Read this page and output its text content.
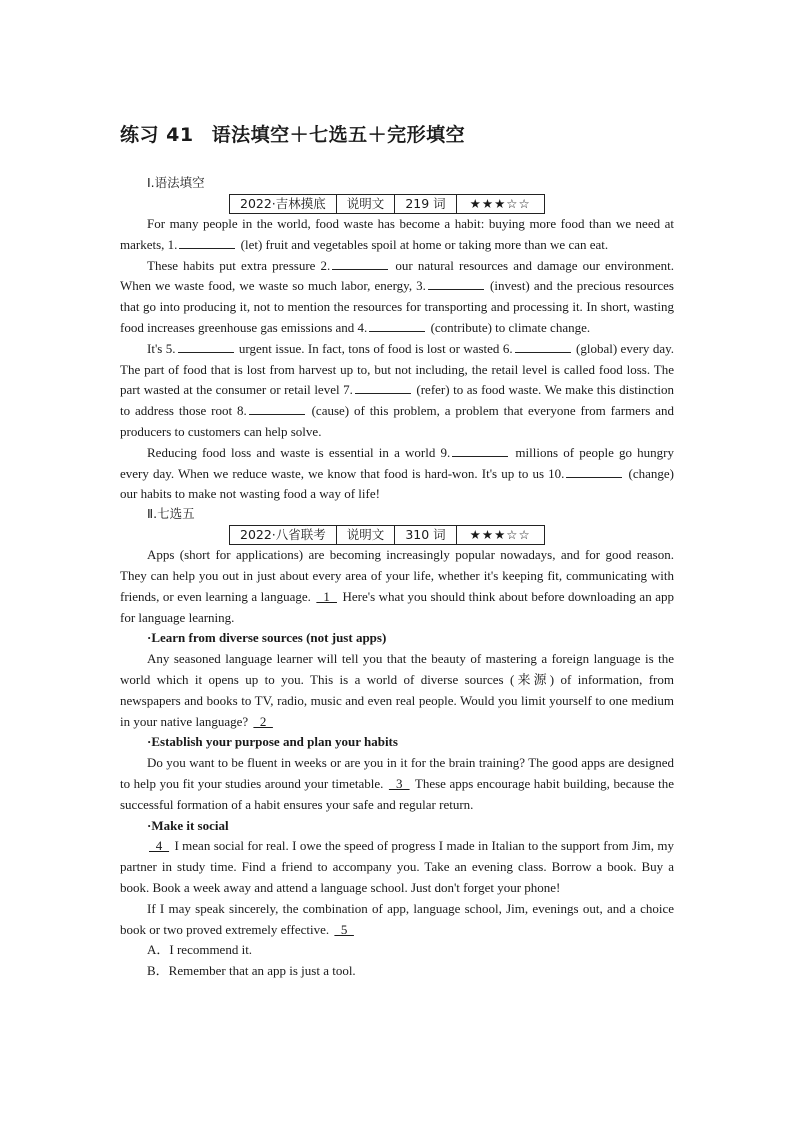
练习 41 语法填空＋七选五＋完形填空
Ⅰ.语法填空
2022·吉林摸底	说明文	219 词	★★★☆☆

For many people in the world, food waste has become a habit: buying more food than we need at markets, 1.	(let) fruit and vegetables spoil at home or taking more than we can eat.

These habits put extra pressure 2.	our natural resources and damage our environment. When we waste food, we waste so much labor, energy, 3.	(invest) and the precious resources that go into producing it, not to mention the resources for transporting and processing it. In short, wasting food increases greenhouse gas emissions and 4.	(contribute) to climate change.

It's 5.	urgent issue. In fact, tons of food is lost or wasted 6.	(global) every day. The part of food that is lost from harvest up to, but not including, the retail level is called food loss. The part wasted at the consumer or retail level 7.	(refer) to as food waste. We make this distinction to address those root 8.	(cause) of this problem, a problem that everyone from farmers and producers to customers can help solve.

Reducing food loss and waste is essential in a world 9.	millions of people go hungry every day. When we reduce waste, we know that food is hard-won. It's up to us 10.	(change) our habits to make not wasting food a way of life!

Ⅱ.七选五
2022·八省联考	说明文	310 词	★★★☆☆

Apps (short for applications) are becoming increasingly popular nowadays, and for good reason. They can help you out in just about every area of your life, whether it's keeping fit, communicating with friends, or even learning a language.   1   Here's what you should think about before downloading an app for language learning.

·Learn from diverse sources (not just apps)

Any seasoned language learner will tell you that the beauty of mastering a foreign language is the world which it opens up to you. This is a world of diverse sources (来源) of information, from newspapers and books to TV, radio, music and even real people. Would you limit yourself to one medium in your native language?   2

·Establish your purpose and plan your habits

Do you want to be fluent in weeks or are you in it for the brain training? The good apps are designed to help you fit your studies around your timetable.   3   These apps encourage habit building, because the successful formation of a habit ensures your safe and regular return.

·Make it social

4   I mean social for real. I owe the speed of progress I made in Italian to the support from Jim, my partner in study time. Find a friend to accompany you. Take an evening class. Borrow a book. Buy a book. Book a week away and attend a language school. Just don't forget your phone!

If I may speak sincerely, the combination of app, language school, Jim, evenings out, and a choice book or two proved extremely effective.   5

A．I recommend it.
B．Remember that an app is just a tool.
